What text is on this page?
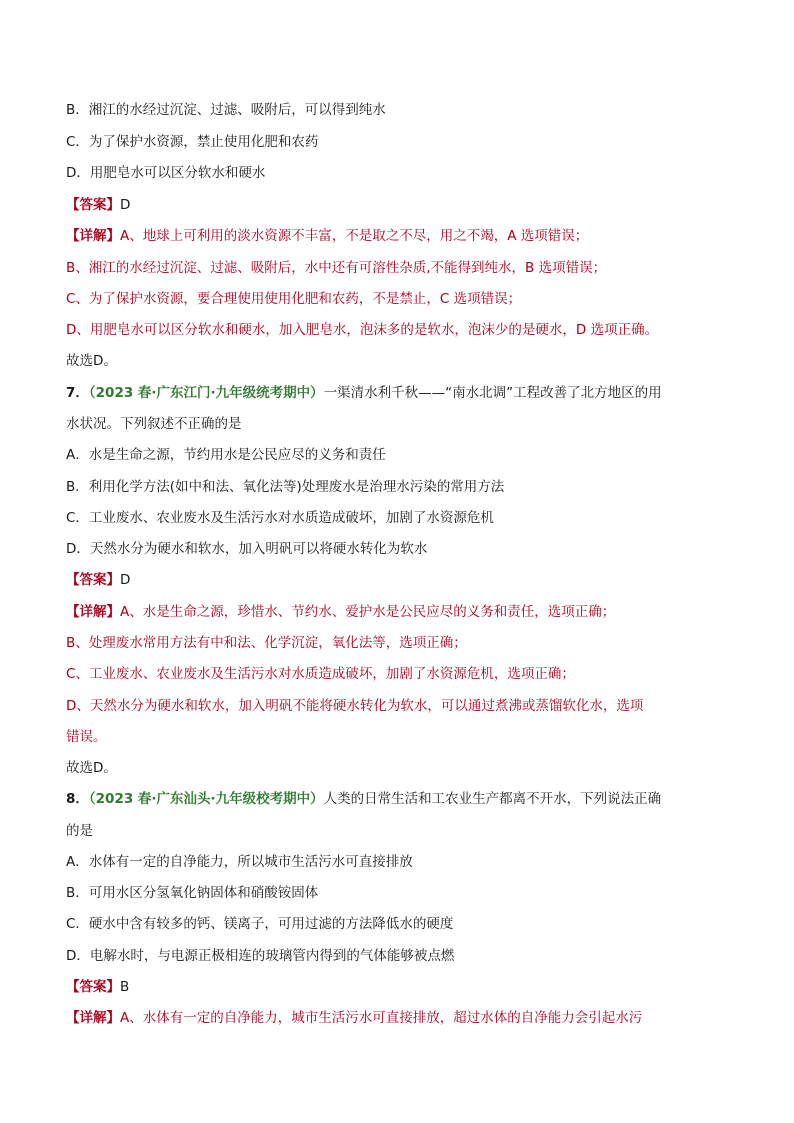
B．湘江的水经过沉淀、过滤、吸附后，可以得到纯水
C．为了保护水资源，禁止使用化肥和农药
D．用肥皂水可以区分软水和硬水
【答案】D
【详解】A、地球上可利用的淡水资源不丰富，不是取之不尽，用之不竭，A 选项错误；
B、湘江的水经过沉淀、过滤、吸附后，水中还有可溶性杂质,不能得到纯水，B 选项错误；
C、为了保护水资源，要合理使用使用化肥和农药，不是禁止，C 选项错误；
D、用肥皂水可以区分软水和硬水，加入肥皂水，泡沫多的是软水，泡沫少的是硬水，D 选项正确。
故选D。
7．（2023 春·广东江门·九年级统考期中）一渠清水利千秋——“南水北调”工程改善了北方地区的用
水状况。下列叙述不正确的是
A．水是生命之源，节约用水是公民应尽的义务和责任
B．利用化学方法(如中和法、氧化法等)处理废水是治理水污染的常用方法
C．工业废水、农业废水及生活污水对水质造成破坏，加剧了水资源危机
D．天然水分为硬水和软水，加入明矾可以将硬水转化为软水
【答案】D
【详解】A、水是生命之源，珍惜水、节约水、爱护水是公民应尽的义务和责任，选项正确；
B、处理废水常用方法有中和法、化学沉淀，氧化法等，选项正确；
C、工业废水、农业废水及生活污水对水质造成破坏，加剧了水资源危机，选项正确；
D、天然水分为硬水和软水，加入明矾不能将硬水转化为软水，可以通过煮沸或蒸馏软化水，选项
错误。
故选D。
8．（2023 春·广东汕头·九年级校考期中）人类的日常生活和工农业生产都离不开水，下列说法正确
的是
A．水体有一定的自净能力，所以城市生活污水可直接排放
B．可用水区分氢氧化钠固体和硝酸铵固体
C．硬水中含有较多的钙、镁离子，可用过滤的方法降低水的硬度
D．电解水时，与电源正极相连的玻璃管内得到的气体能够被点燃
【答案】B
【详解】A、水体有一定的自净能力，城市生活污水可直接排放，超过水体的自净能力会引起水污
